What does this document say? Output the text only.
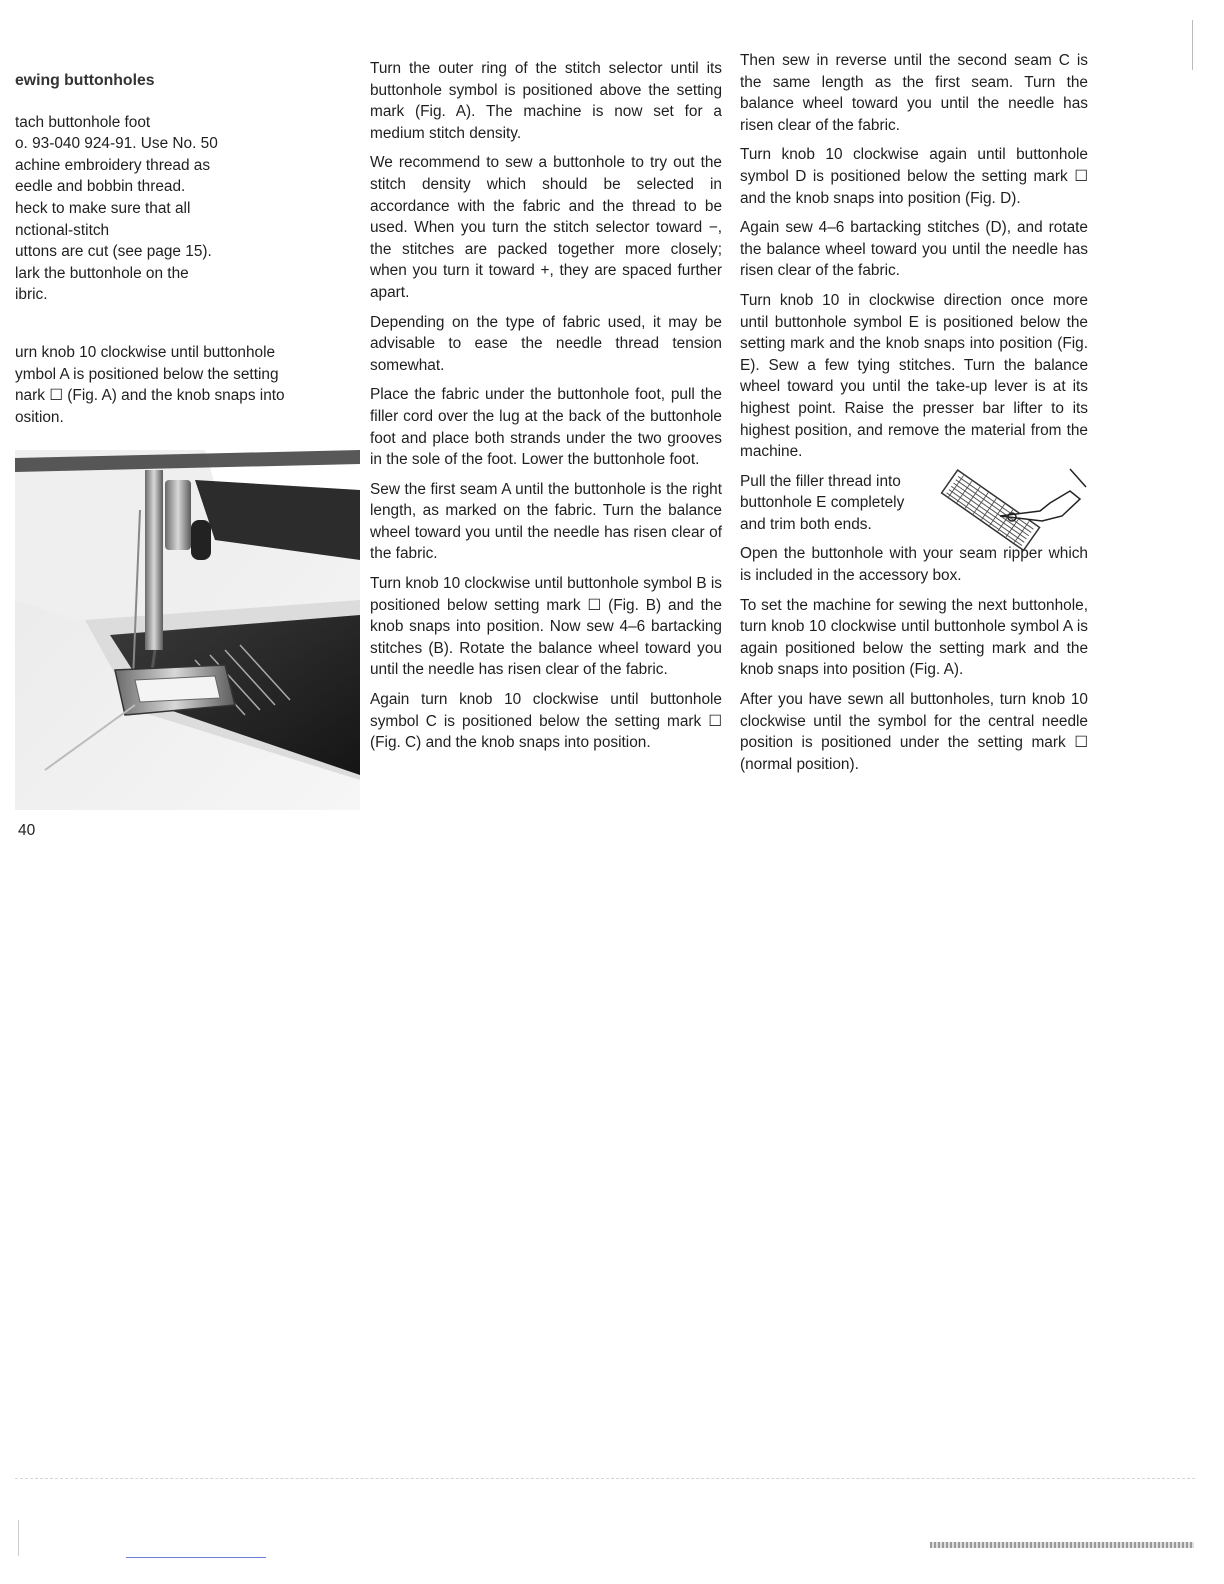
ewing buttonholes

tach buttonhole foot

o. 93-040 924-91. Use No. 50

achine embroidery thread as

eedle and bobbin thread.

heck to make sure that all

nctional-stitch

uttons are cut (see page 15).

lark the buttonhole on the

ibric.

urn knob 10 clockwise until buttonhole

ymbol A is positioned below the setting

nark ☐ (Fig. A) and the knob snaps into

osition.

40

Turn the outer ring of the stitch selector until its buttonhole symbol is positioned above the setting mark (Fig. A). The machine is now set for a medium stitch density.

We recommend to sew a buttonhole to try out the stitch density which should be selected in accordance with the fabric and the thread to be used. When you turn the stitch selector toward −, the stitches are packed together more closely; when you turn it toward +, they are spaced further apart.

Depending on the type of fabric used, it may be advisable to ease the needle thread tension somewhat.

Place the fabric under the buttonhole foot, pull the filler cord over the lug at the back of the buttonhole foot and place both strands under the two grooves in the sole of the foot. Lower the buttonhole foot.

Sew the first seam A until the buttonhole is the right length, as marked on the fabric. Turn the balance wheel toward you until the needle has risen clear of the fabric.

Turn knob 10 clockwise until buttonhole symbol B is positioned below setting mark ☐ (Fig. B) and the knob snaps into position. Now sew 4–6 bartacking stitches (B). Rotate the balance wheel toward you until the needle has risen clear of the fabric.

Again turn knob 10 clockwise until buttonhole symbol C is positioned below the setting mark ☐ (Fig. C) and the knob snaps into position.

Then sew in reverse until the second seam C is the same length as the first seam. Turn the balance wheel toward you until the needle has risen clear of the fabric.

Turn knob 10 clockwise again until buttonhole symbol D is positioned below the setting mark ☐ and the knob snaps into position (Fig. D).

Again sew 4–6 bartacking stitches (D), and rotate the balance wheel toward you until the needle has risen clear of the fabric.

Turn knob 10 in clockwise direction once more until buttonhole symbol E is positioned below the setting mark and the knob snaps into position (Fig. E). Sew a few tying stitches. Turn the balance wheel toward you until the take-up lever is at its highest point. Raise the presser bar lifter to its highest position, and remove the material from the machine.

Pull the filler thread into

buttonhole E completely

and trim both ends.

Open the buttonhole with your seam ripper which is included in the accessory box.

To set the machine for sewing the next buttonhole, turn knob 10 clockwise until buttonhole symbol A is again positioned below the setting mark and the knob snaps into position (Fig. A).

After you have sewn all buttonholes, turn knob 10 clockwise until the symbol for the central needle position is positioned under the setting mark ☐ (normal position).
